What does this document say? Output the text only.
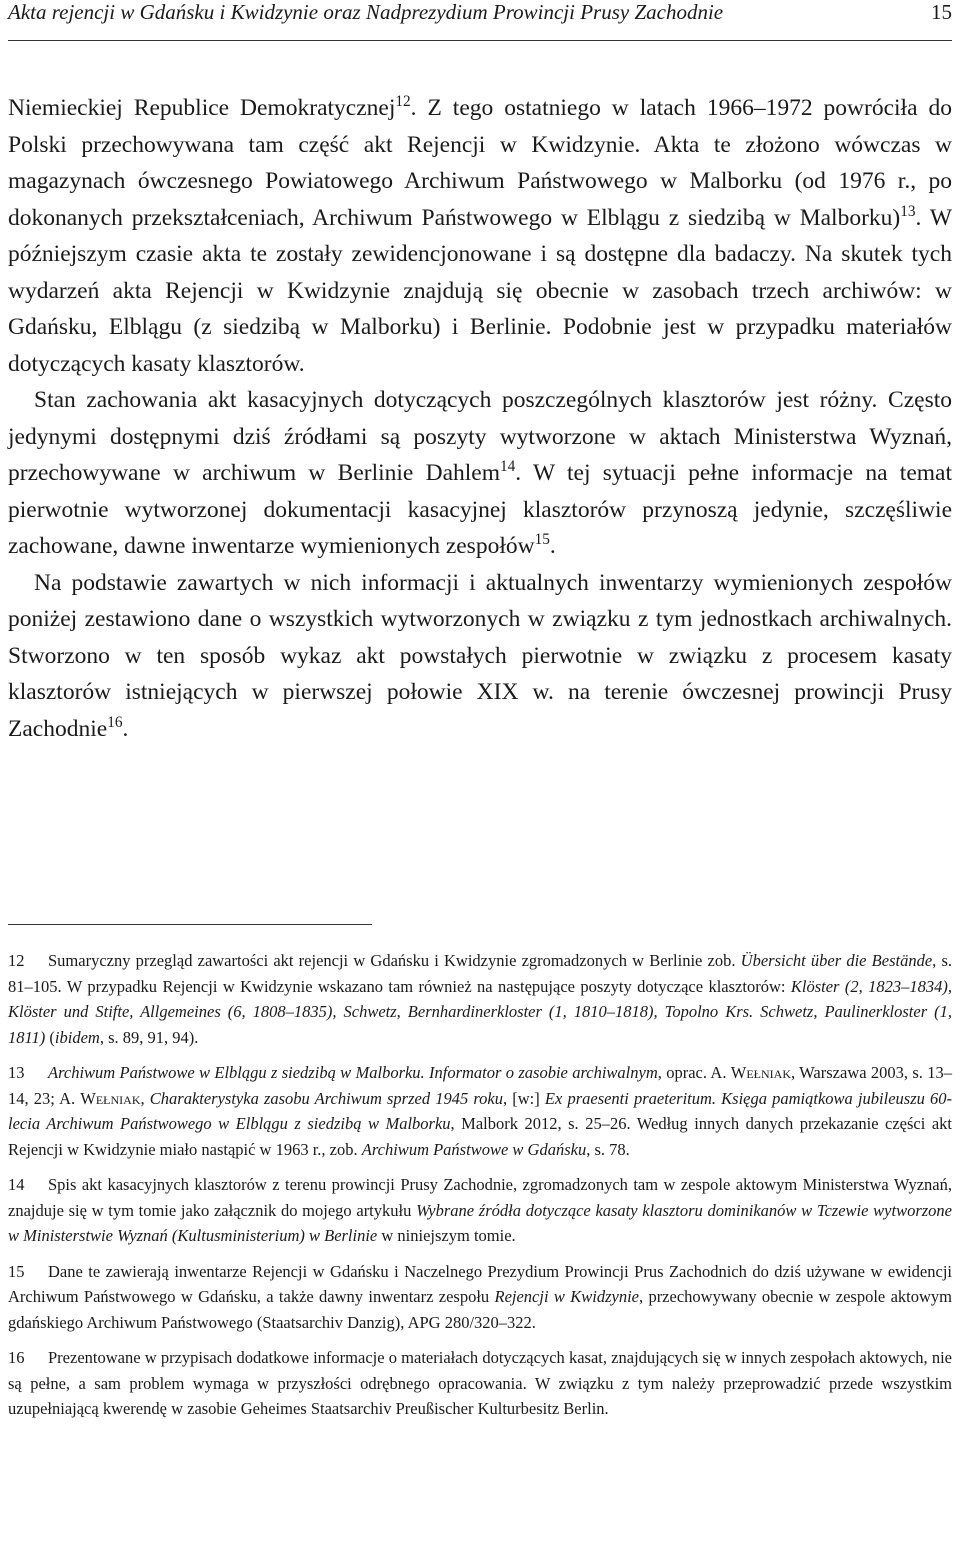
Akta rejencji w Gdańsku i Kwidzynie oraz Nadprezydium Prowincji Prusy Zachodnie	15

Niemieckiej Republice Demokratycznej$^{12}$. Z tego ostatniego w latach 1966–1972 powróciła do Polski przechowywana tam część akt Rejencji w Kwidzynie. Akta te złożono wówczas w magazynach ówczesnego Powiatowego Archiwum Państwowego w Malborku (od 1976 r., po dokonanych przekształceniach, Archiwum Państwowego w Elblągu z siedzibą w Malborku)$^{13}$. W późniejszym czasie akta te zostały zewidencjonowane i są dostępne dla badaczy. Na skutek tych wydarzeń akta Rejencji w Kwidzynie znajdują się obecnie w zasobach trzech archiwów: w Gdańsku, Elblągu (z siedzibą w Malborku) i Berlinie. Podobnie jest w przypadku materiałów dotyczących kasaty klasztorów.

Stan zachowania akt kasacyjnych dotyczących poszczególnych klasztorów jest różny. Często jedynymi dostępnymi dziś źródłami są poszyty wytworzone w aktach Ministerstwa Wyznań, przechowywane w archiwum w Berlinie Dahlem$^{14}$. W tej sytuacji pełne informacje na temat pierwotnie wytworzonej dokumentacji kasacyjnej klasztorów przynoszą jedynie, szczęśliwie zachowane, dawne inwentarze wymienionych zespołów$^{15}$.

Na podstawie zawartych w nich informacji i aktualnych inwentarzy wymienionych zespołów poniżej zestawiono dane o wszystkich wytworzonych w związku z tym jednostkach archiwalnych. Stworzono w ten sposób wykaz akt powstałych pierwotnie w związku z procesem kasaty klasztorów istniejących w pierwszej połowie XIX w. na terenie ówczesnej prowincji Prusy Zachodnie$^{16}$.

12 Sumaryczny przegląd zawartości akt rejencji w Gdańsku i Kwidzynie zgromadzonych w Berlinie zob. Übersicht über die Bestände, s. 81–105. W przypadku Rejencji w Kwidzynie wskazano tam również na następujące poszyty dotyczące klasztorów: Klöster (2, 1823–1834), Klöster und Stifte, Allgemeines (6, 1808–1835), Schwetz, Bernhardinerkloster (1, 1810–1818), Topolno Krs. Schwetz, Paulinerkloster (1, 1811) (ibidem, s. 89, 91, 94).

13 Archiwum Państwowe w Elblągu z siedzibą w Malborku. Informator o zasobie archiwalnym, oprac. A. Wełniak, Warszawa 2003, s. 13–14, 23; A. Wełniak, Charakterystyka zasobu Archiwum sprzed 1945 roku, [w:] Ex praesenti praeteritum. Księga pamiątkowa jubileuszu 60-lecia Archiwum Państwowego w Elblągu z siedzibą w Malborku, Malbork 2012, s. 25–26. Według innych danych przekazanie części akt Rejencji w Kwidzynie miało nastąpić w 1963 r., zob. Archiwum Państwowe w Gdańsku, s. 78.

14 Spis akt kasacyjnych klasztorów z terenu prowincji Prusy Zachodnie, zgromadzonych tam w zespole aktowym Ministerstwa Wyznań, znajduje się w tym tomie jako załącznik do mojego artykułu Wybrane źródła dotyczące kasaty klasztoru dominikanów w Tczewie wytworzone w Ministerstwie Wyznań (Kultusministerium) w Berlinie w niniejszym tomie.

15 Dane te zawierają inwentarze Rejencji w Gdańsku i Naczelnego Prezydium Prowincji Prus Zachodnich do dziś używane w ewidencji Archiwum Państwowego w Gdańsku, a także dawny inwentarz zespołu Rejencji w Kwidzynie, przechowywany obecnie w zespole aktowym gdańskiego Archiwum Państwowego (Staatsarchiv Danzig), APG 280/320–322.

16 Prezentowane w przypisach dodatkowe informacje o materiałach dotyczących kasat, znajdujących się w innych zespołach aktowych, nie są pełne, a sam problem wymaga w przyszłości odrębnego opracowania. W związku z tym należy przeprowadzić przede wszystkim uzupełniającą kwerendę w zasobie Geheimes Staatsarchiv Preußischer Kulturbesitz Berlin.
